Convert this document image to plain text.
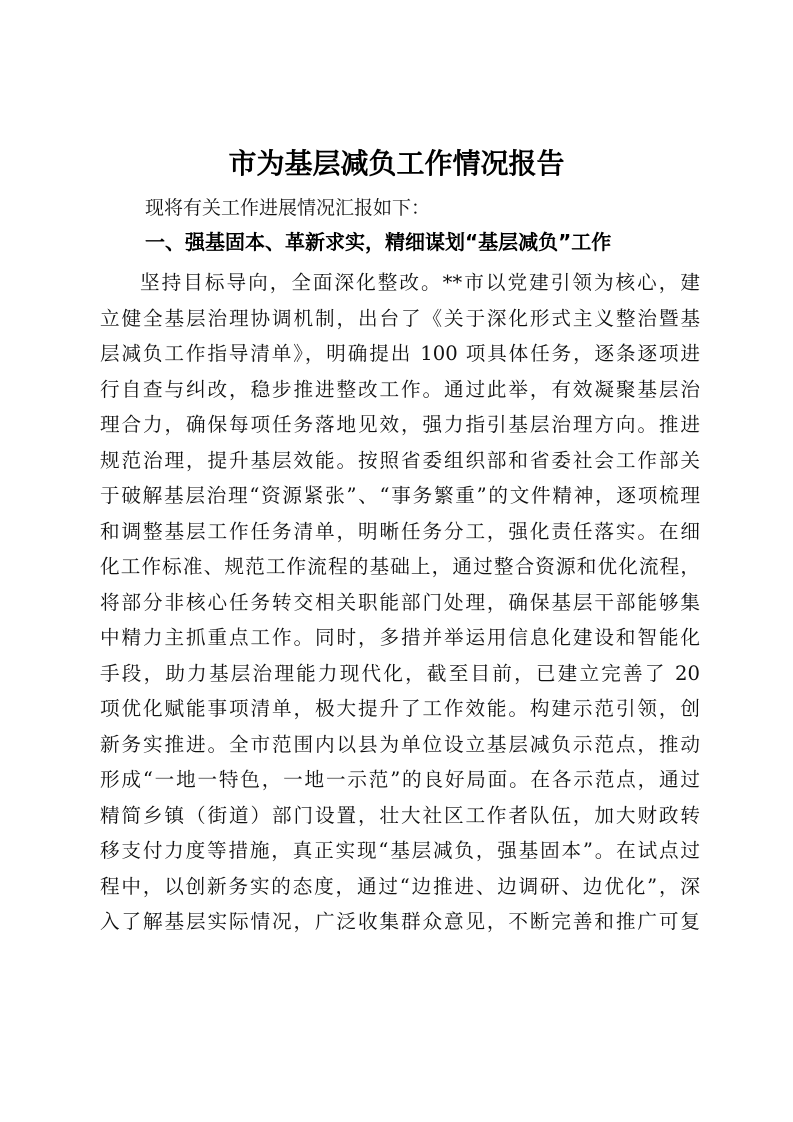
市为基层减负工作情况报告
现将有关工作进展情况汇报如下：
一、强基固本、革新求实，精细谋划“基层减负”工作
坚持目标导向，全面深化整改。**市以党建引领为核心，建
立健全基层治理协调机制，出台了《关于深化形式主义整治暨基
层减负工作指导清单》，明确提出 100 项具体任务，逐条逐项进
行自查与纠改，稳步推进整改工作。通过此举，有效凝聚基层治
理合力，确保每项任务落地见效，强力指引基层治理方向。推进
规范治理，提升基层效能。按照省委组织部和省委社会工作部关
于破解基层治理“资源紧张”、“事务繁重”的文件精神，逐项梳理
和调整基层工作任务清单，明晰任务分工，强化责任落实。在细
化工作标准、规范工作流程的基础上，通过整合资源和优化流程，
将部分非核心任务转交相关职能部门处理，确保基层干部能够集
中精力主抓重点工作。同时，多措并举运用信息化建设和智能化
手段，助力基层治理能力现代化，截至目前，已建立完善了 20
项优化赋能事项清单，极大提升了工作效能。构建示范引领，创
新务实推进。全市范围内以县为单位设立基层减负示范点，推动
形成“一地一特色，一地一示范”的良好局面。在各示范点，通过
精简乡镇（街道）部门设置，壮大社区工作者队伍，加大财政转
移支付力度等措施，真正实现“基层减负，强基固本”。在试点过
程中，以创新务实的态度，通过“边推进、边调研、边优化”，深
入了解基层实际情况，广泛收集群众意见，不断完善和推广可复
